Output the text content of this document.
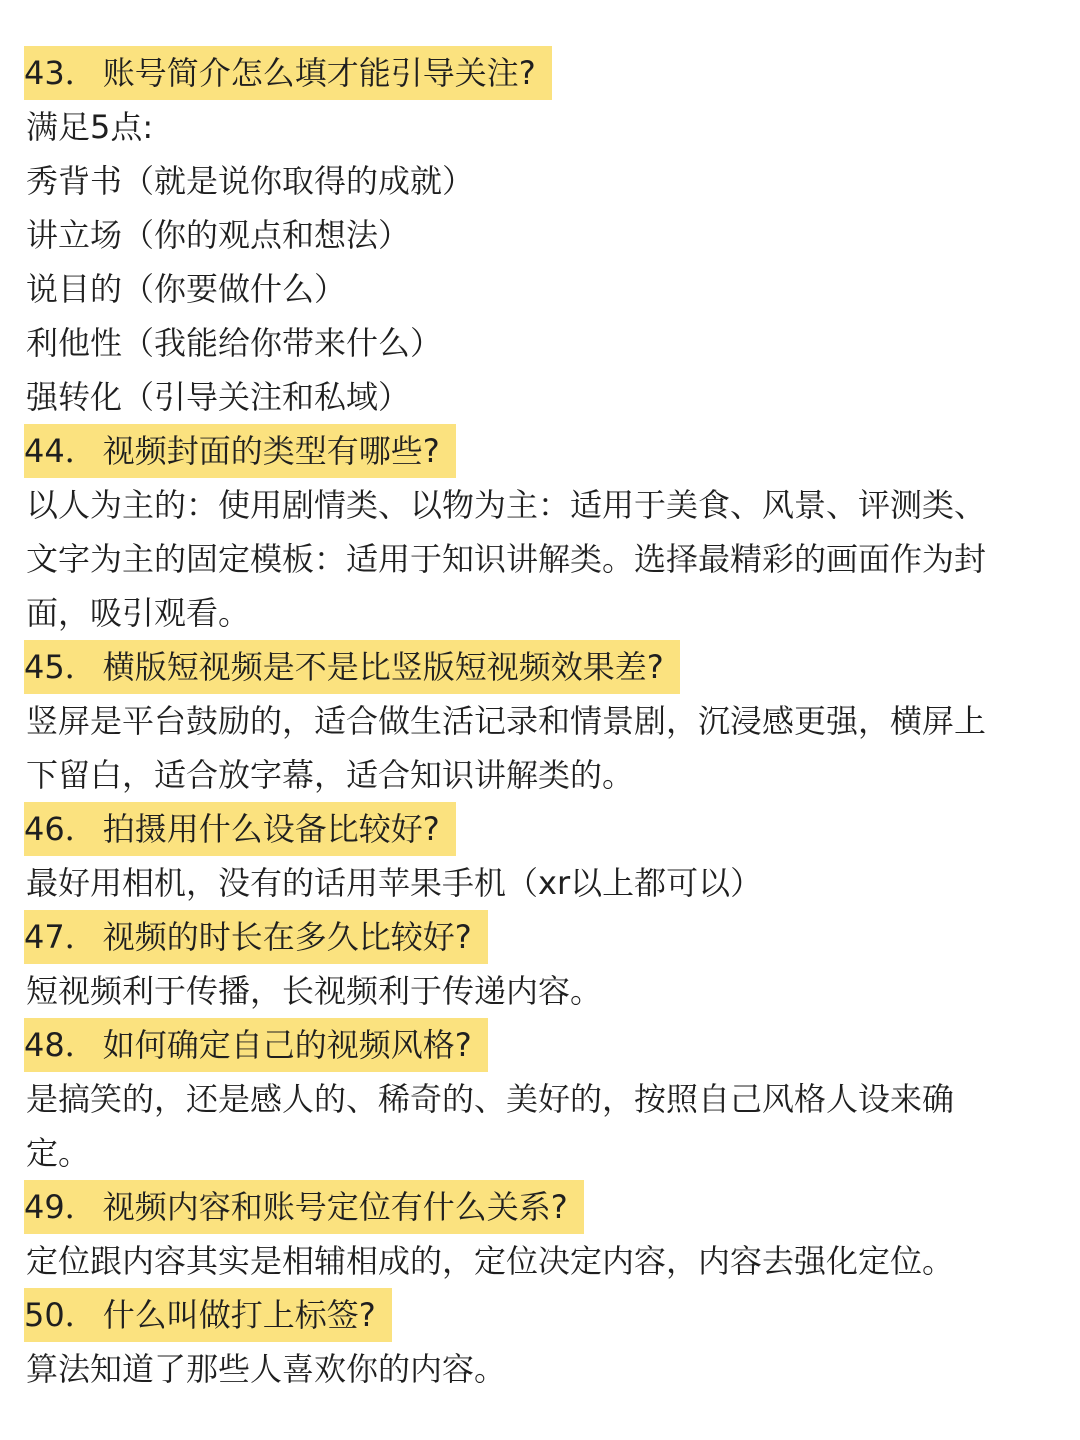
43． 账号简介怎么填才能引导关注?
满足5点:
秀背书（就是说你取得的成就）
讲立场（你的观点和想法）
说目的（你要做什么）
利他性（我能给你带来什么）
强转化（引导关注和私域）
44． 视频封面的类型有哪些?
以人为主的：使用剧情类、以物为主：适用于美食、风景、评测类、
文字为主的固定模板：适用于知识讲解类。选择最精彩的画面作为封
面，吸引观看。
45． 横版短视频是不是比竖版短视频效果差?
竖屏是平台鼓励的，适合做生活记录和情景剧，沉浸感更强，横屏上
下留白，适合放字幕，适合知识讲解类的。
46． 拍摄用什么设备比较好?
最好用相机，没有的话用苹果手机（xr以上都可以）
47． 视频的时长在多久比较好?
短视频利于传播，长视频利于传递内容。
48． 如何确定自己的视频风格?
是搞笑的，还是感人的、稀奇的、美好的，按照自己风格人设来确
定。
49． 视频内容和账号定位有什么关系?
定位跟内容其实是相辅相成的，定位决定内容，内容去强化定位。
50． 什么叫做打上标签?
算法知道了那些人喜欢你的内容。
